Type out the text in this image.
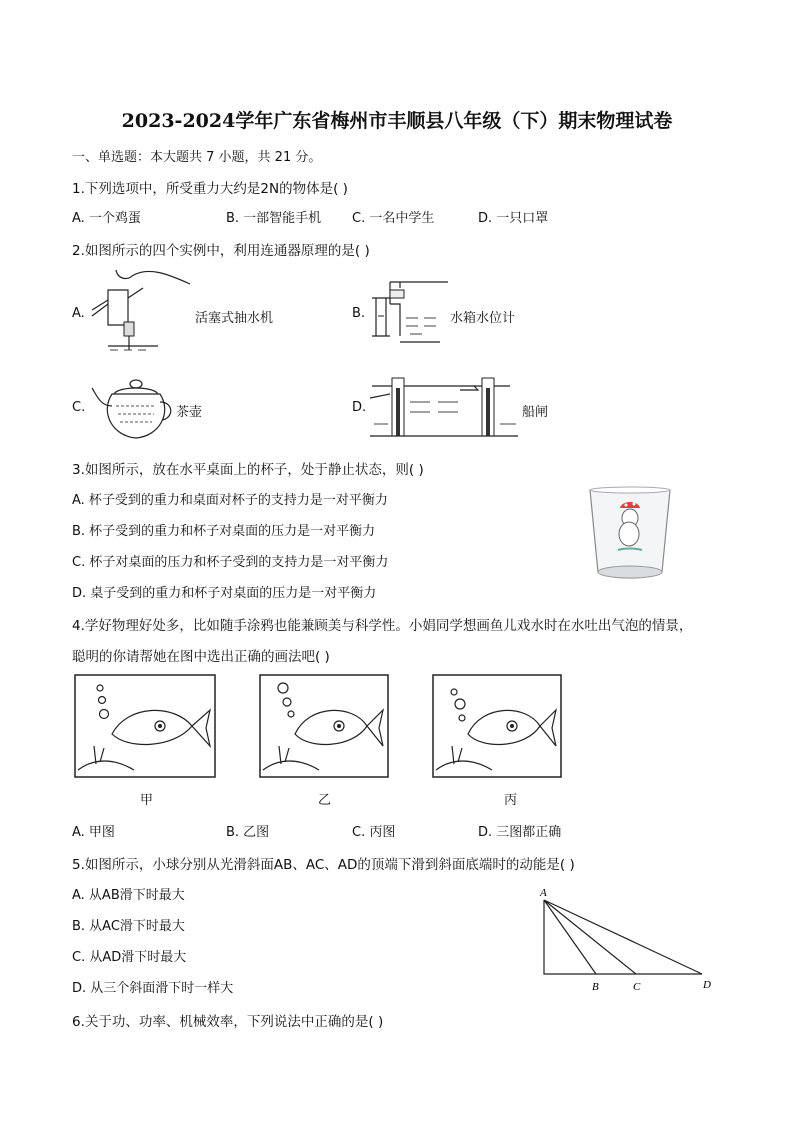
2023-2024学年广东省梅州市丰顺县八年级（下）期末物理试卷
一、单选题：本大题共 7 小题，共 21 分。
1.下列选项中，所受重力大约是2N的物体是( )
A. 一个鸡蛋	B. 一部智能手机 C. 一名中学生	D. 一只口罩
2.如图所示的四个实例中，利用连通器原理的是( )
A.	活塞式抽水机	B.	水箱水位计
C.	茶壶	D.	船闸
3.如图所示，放在水平桌面上的杯子，处于静止状态，则( )
A. 杯子受到的重力和桌面对杯子的支持力是一对平衡力
B. 杯子受到的重力和杯子对桌面的压力是一对平衡力
C. 杯子对桌面的压力和杯子受到的支持力是一对平衡力
D. 桌子受到的重力和杯子对桌面的压力是一对平衡力
4.学好物理好处多，比如随手涂鸦也能兼顾美与科学性。小娟同学想画鱼儿戏水时在水吐出气泡的情景，
聪明的你请帮她在图中选出正确的画法吧( )
甲	乙	丙
A. 甲图	B. 乙图	C. 丙图	D. 三图都正确
5.如图所示，小球分别从光滑斜面AB、AC、AD的顶端下滑到斜面底端时的动能是( )
A. 从AB滑下时最大
B. 从AC滑下时最大
C. 从AD滑下时最大
D. 从三个斜面滑下时一样大
A
B	C	D
6.关于功、功率、机械效率，下列说法中正确的是( )
